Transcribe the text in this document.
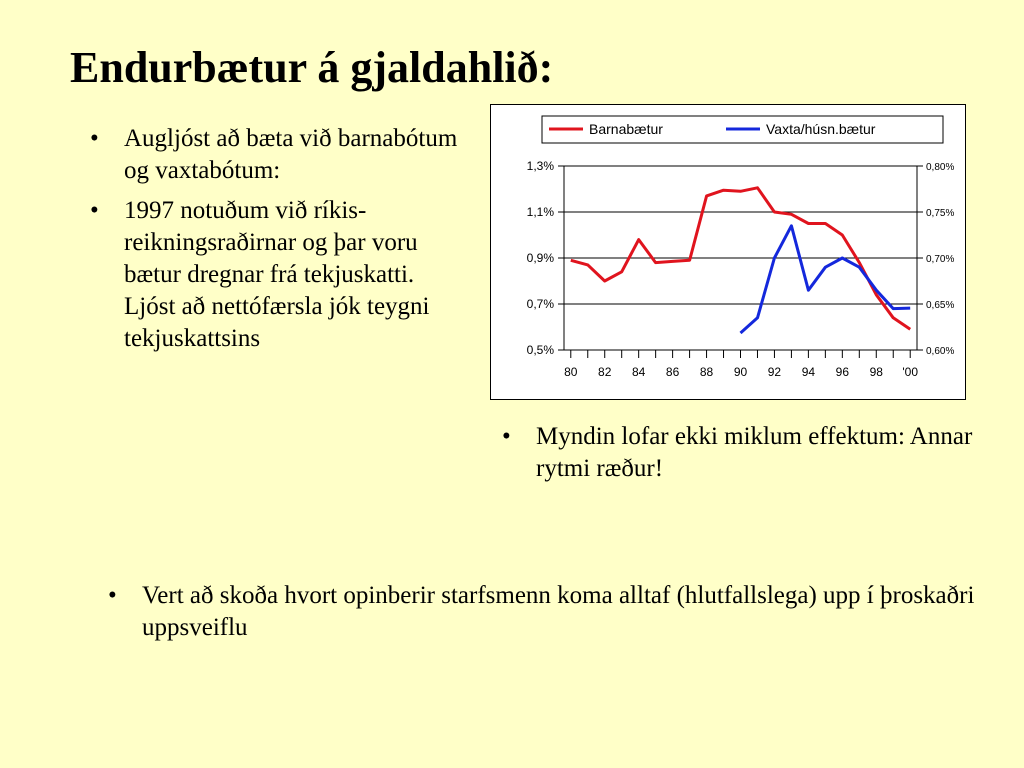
Endurbætur á gjaldahlið:
• Augljóst að bæta við barnabótum og vaxtabótum:
• 1997 notuðum við ríkis-reikningsraðirnar og þar voru bætur dregnar frá tekjuskatti. Ljóst að nettófærsla jók teygni tekjuskattsins	0,5%
0,7%
0,9%
1,1%
1,3%
0,60%
0,65%
0,70%
0,75%
0,80%
80 82 84 86 88 90 92 94 96 98 '00
Barnabætur	Vaxta/húsn.bætur
• Myndin lofar ekki miklum effektum: Annar rytmi ræður!
• Vert að skoða hvort opinberir starfsmenn koma alltaf (hlutfallslega) upp í þroskaðri uppsveiflu
